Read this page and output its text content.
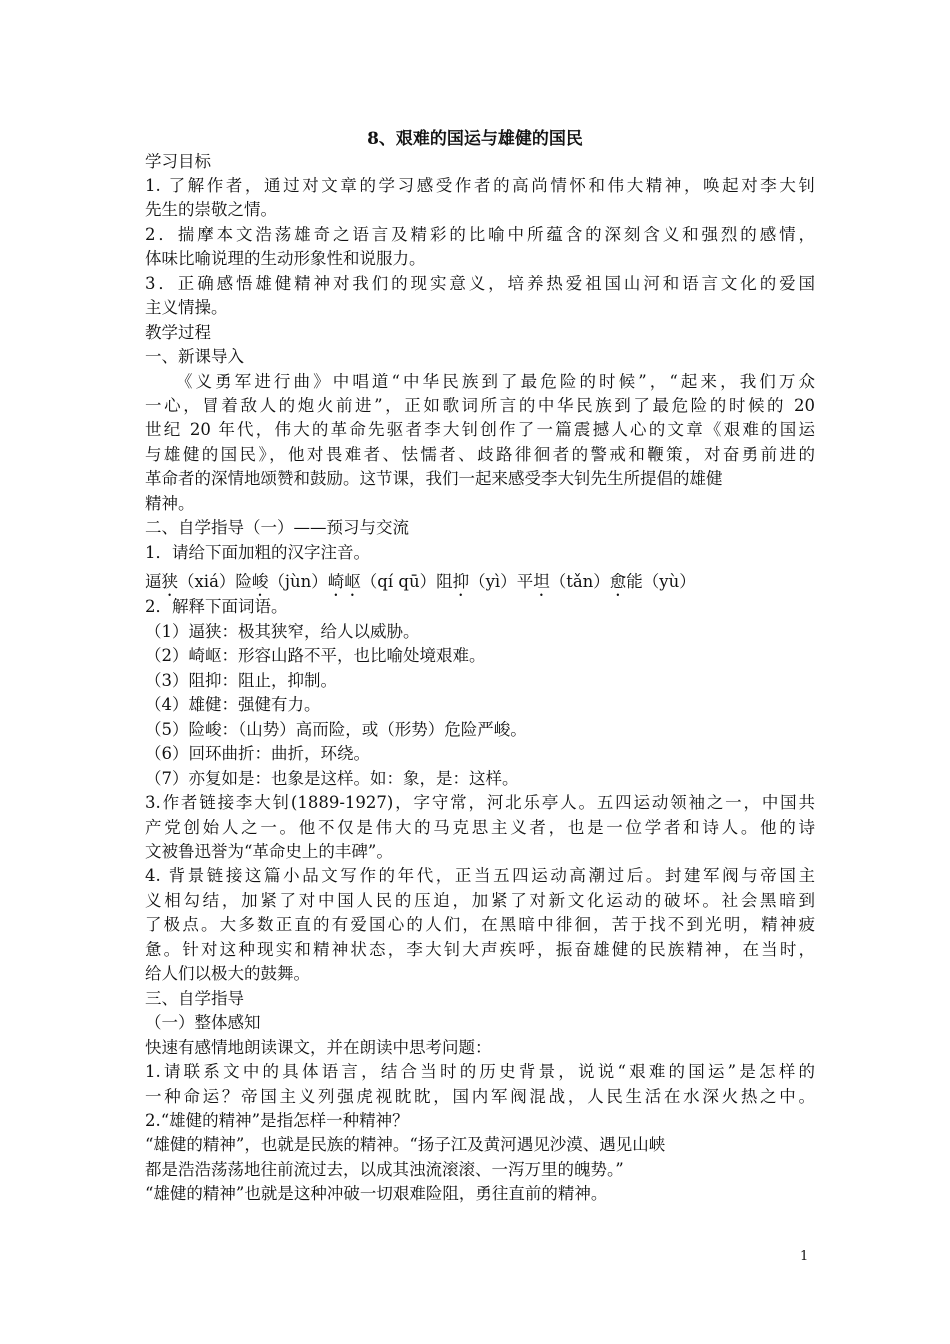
8、艰难的国运与雄健的国民
学习目标
1. 了解作者，通过对文章的学习感受作者的高尚情怀和伟大精神，唤起对李大钊
先生的崇敬之情。
2．揣摩本文浩荡雄奇之语言及精彩的比喻中所蕴含的深刻含义和强烈的感情，
体味比喻说理的生动形象性和说服力。
3．正确感悟雄健精神对我们的现实意义，培养热爱祖国山河和语言文化的爱国
主义情操。
教学过程
一、新课导入
　　《义勇军进行曲》中唱道“中华民族到了最危险的时候”，“起来，我们万众
一心，冒着敌人的炮火前进”，正如歌词所言的中华民族到了最危险的时候的 20
世纪 20 年代，伟大的革命先驱者李大钊创作了一篇震撼人心的文章《艰难的国运
与雄健的国民》，他对畏难者、怯懦者、歧路徘徊者的警戒和鞭策，对奋勇前进的
革命者的深情地颂赞和鼓励。这节课，我们一起来感受李大钊先生所提倡的雄健
精神。
二、自学指导（一）——预习与交流
1．请给下面加粗的汉字注音。
逼狭（xiá）险峻（jùn）崎岖（qí qū）阻抑（yì）平坦（tǎn）愈能（yù）
2．解释下面词语。
（1）逼狭：极其狭窄，给人以威胁。
（2）崎岖：形容山路不平，也比喻处境艰难。
（3）阻抑：阻止，抑制。
（4）雄健：强健有力。
（5）险峻：（山势）高而险，或（形势）危险严峻。
（6）回环曲折：曲折，环绕。
（7）亦复如是：也象是这样。如：象，是：这样。
3.作者链接李大钊(1889-1927)，字守常，河北乐亭人。五四运动领袖之一，中国共
产党创始人之一。他不仅是伟大的马克思主义者，也是一位学者和诗人。他的诗
文被鲁迅誉为“革命史上的丰碑”。
4. 背景链接这篇小品文写作的年代，正当五四运动高潮过后。封建军阀与帝国主
义相勾结，加紧了对中国人民的压迫，加紧了对新文化运动的破坏。社会黑暗到
了极点。大多数正直的有爱国心的人们，在黑暗中徘徊，苦于找不到光明，精神疲
惫。针对这种现实和精神状态，李大钊大声疾呼，振奋雄健的民族精神，在当时，
给人们以极大的鼓舞。
三、自学指导
（一）整体感知
快速有感情地朗读课文，并在朗读中思考问题：
1.请联系文中的具体语言，结合当时的历史背景，说说“艰难的国运”是怎样的
一种命运？帝国主义列强虎视眈眈，国内军阀混战，人民生活在水深火热之中。
2.“雄健的精神”是指怎样一种精神？
“雄健的精神”，也就是民族的精神。“扬子江及黄河遇见沙漠、遇见山峡
都是浩浩荡荡地往前流过去，以成其浊流滚滚、一泻万里的魄势。”
“雄健的精神”也就是这种冲破一切艰难险阻，勇往直前的精神。
1
